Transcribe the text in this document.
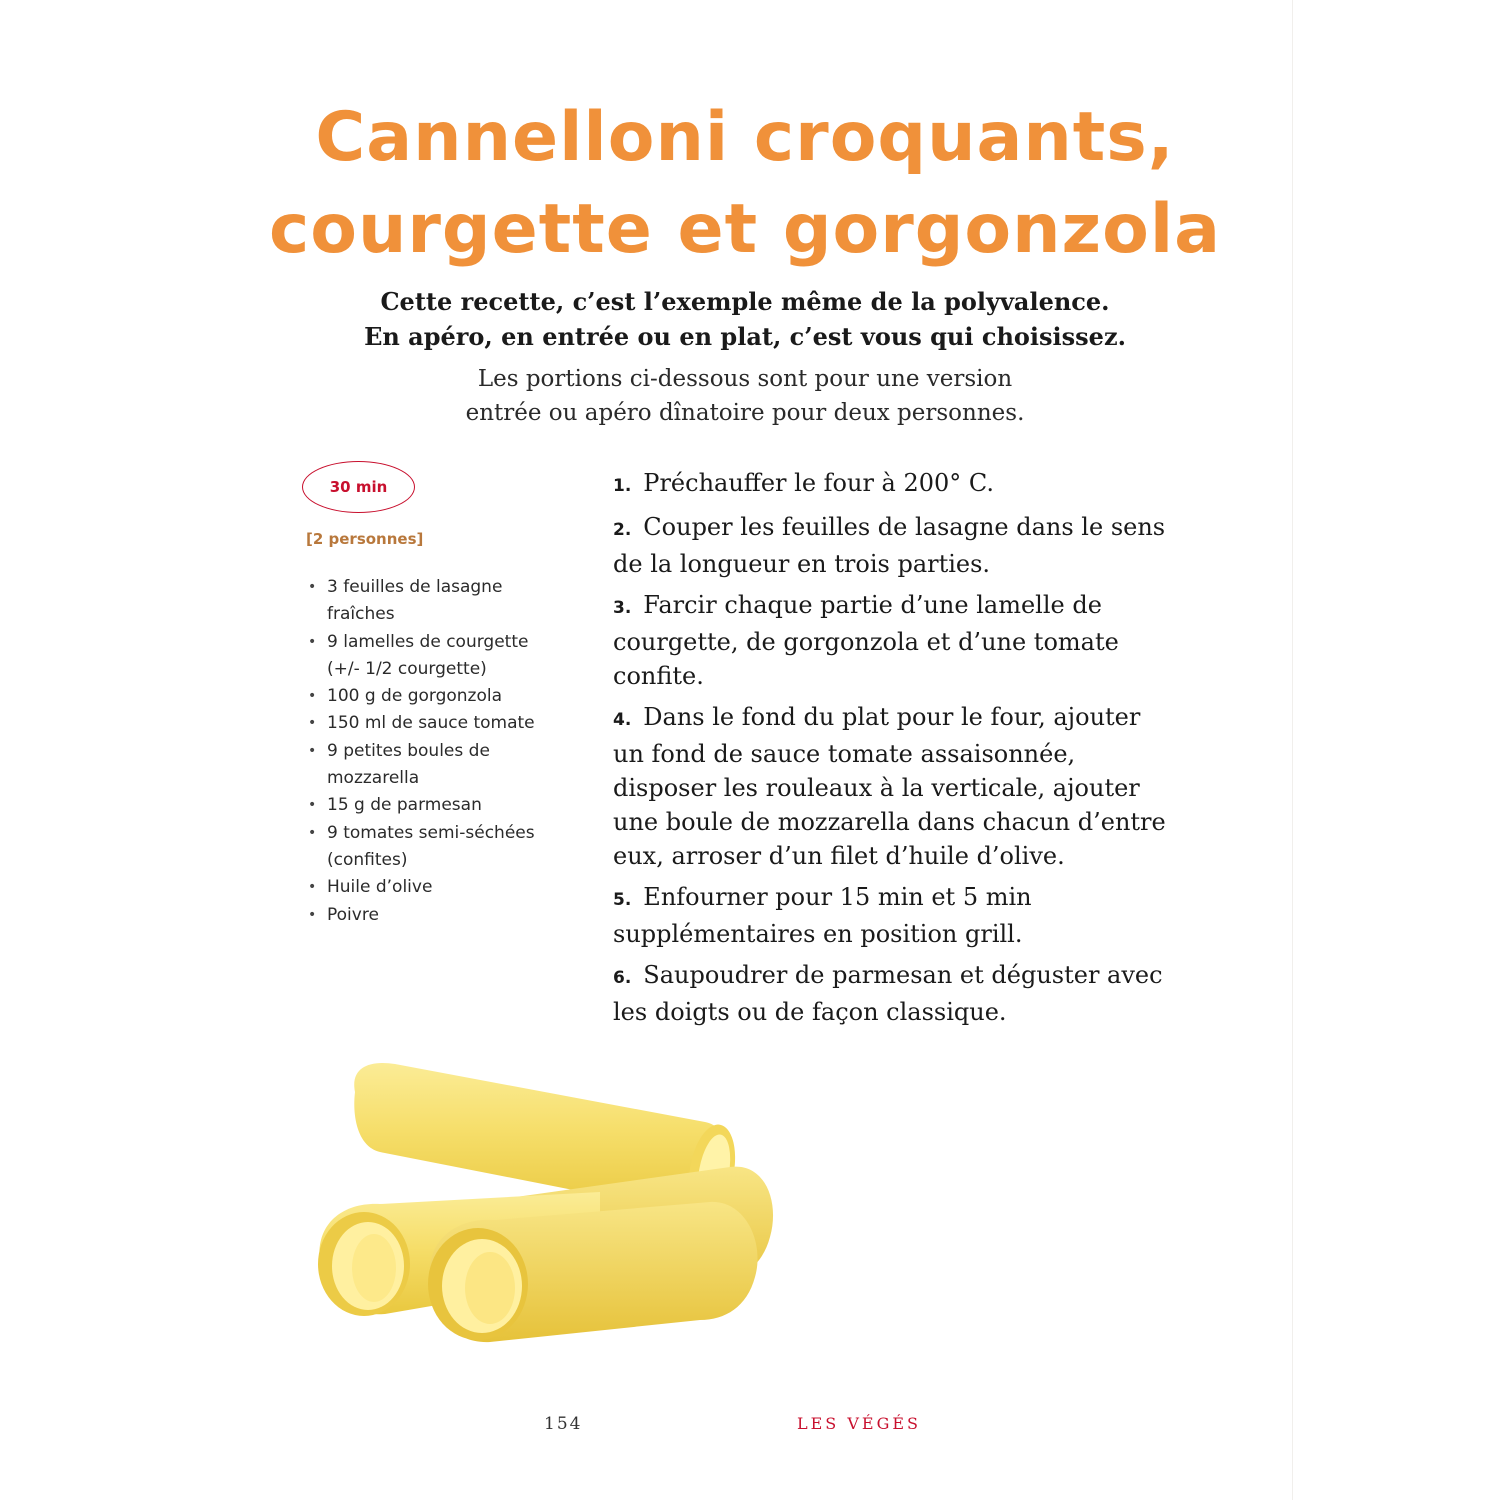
Cannelloni croquants,
courgette et gorgonzola
Cette recette, c’est l’exemple même de la polyvalence.
En apéro, en entrée ou en plat, c’est vous qui choisissez.
Les portions ci-dessous sont pour une version
entrée ou apéro dînatoire pour deux personnes.
30 min
[2 personnes]
• 3 feuilles de lasagne fraîches
• 9 lamelles de courgette (+/- 1/2 courgette)
• 100 g de gorgonzola
• 150 ml de sauce tomate
• 9 petites boules de mozzarella
• 15 g de parmesan
• 9 tomates semi-séchées (confites)
• Huile d’olive
• Poivre
1. Préchauffer le four à 200° C.
2. Couper les feuilles de lasagne dans le sens de la longueur en trois parties.
3. Farcir chaque partie d’une lamelle de courgette, de gorgonzola et d’une tomate confite.
4. Dans le fond du plat pour le four, ajouter un fond de sauce tomate assaisonnée, disposer les rouleaux à la verticale, ajouter une boule de mozzarella dans chacun d’entre eux, arroser d’un filet d’huile d’olive.
5. Enfourner pour 15 min et 5 min supplémentaires en position grill.
6. Saupoudrer de parmesan et déguster avec les doigts ou de façon classique.
154	LES VÉGÉS
